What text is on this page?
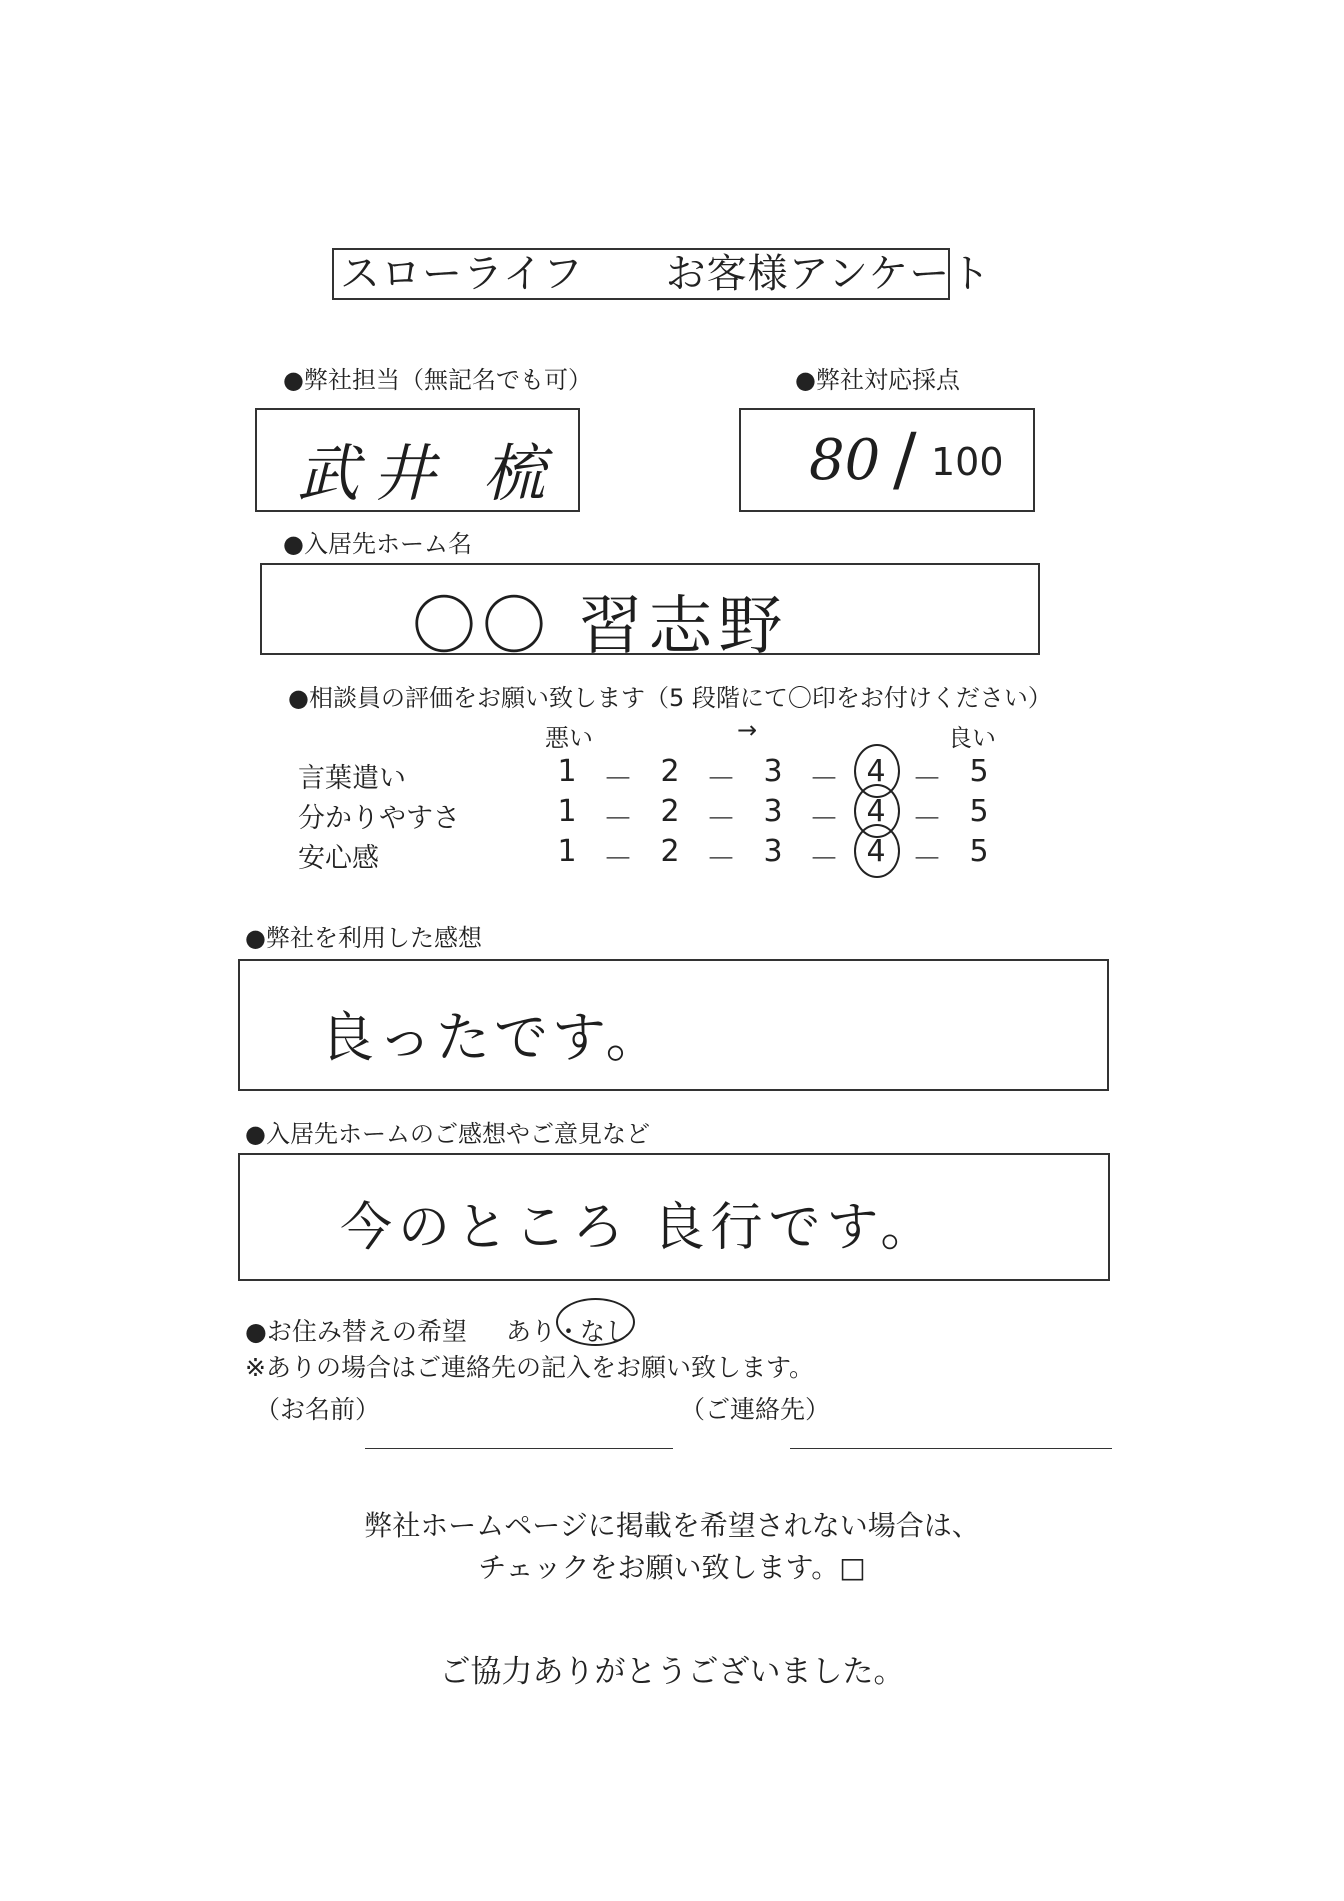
スローライフ　　お客様アンケート
●弊社担当（無記名でも可）
武井 梳
●弊社対応採点
80 / 100
●入居先ホーム名
〇〇 習志野
●相談員の評価をお願い致します（5 段階にて〇印をお付けください）
悪い	→	良い
言葉遣い	1	2	3	4	5
－	－	－	－
分かりやすさ	1	2	3	4	5
－	－	－	－
安心感	1	2	3	4	5
－	－	－	－
●弊社を利用した感想
良ったです。
●入居先ホームのご感想やご意見など
今のところ 良行です。
●お住み替えの希望 あり ・
なし
※ありの場合はご連絡先の記入をお願い致します。
（お名前）	（ご連絡先）
弊社ホームページに掲載を希望されない場合は、
チェックをお願い致します。□
ご協力ありがとうございました。
